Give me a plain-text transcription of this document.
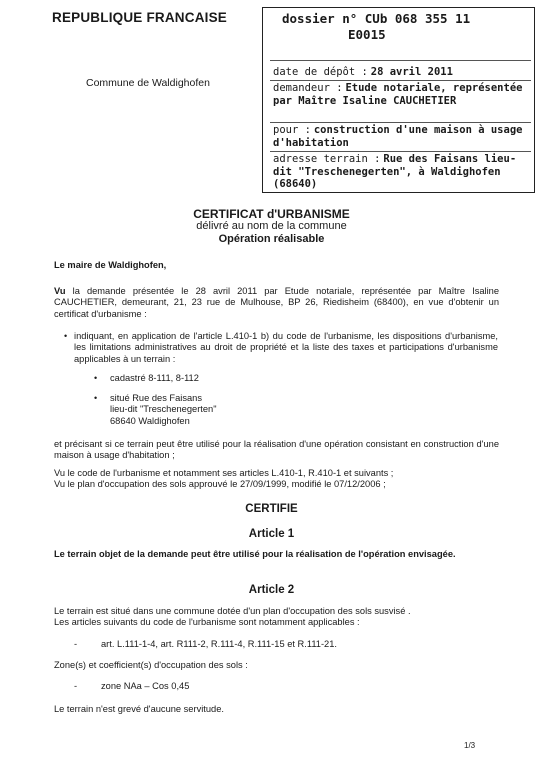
REPUBLIQUE FRANCAISE
Commune de Waldighofen
dossier n° CUb 068 355 11
E0015
date de dépôt : 28 avril 2011
demandeur : Etude notariale, représentée par Maître Isaline CAUCHETIER
pour : construction d'une maison à usage d'habitation
adresse terrain : Rue des Faisans lieu-dit "Treschenegerten", à Waldighofen (68640)
CERTIFICAT d'URBANISME
délivré au nom de la commune
Opération réalisable
Le maire de Waldighofen,
Vu la demande présentée le 28 avril 2011 par Etude notariale, représentée par Maître Isaline CAUCHETIER, demeurant, 21, 23 rue de Mulhouse, BP 26, Riedisheim (68400), en vue d'obtenir un certificat d'urbanisme :
• indiquant, en application de l'article L.410-1 b) du code de l'urbanisme, les dispositions d'urbanisme, les limitations administratives au droit de propriété et la liste des taxes et participations d'urbanisme applicables à un terrain :
• cadastré 8-111, 8-112
• situé Rue des Faisans
lieu-dit "Treschenegerten"
68640 Waldighofen
et précisant si ce terrain peut être utilisé pour la réalisation d'une opération consistant en construction d'une maison à usage d'habitation ;
Vu le code de l'urbanisme et notamment ses articles L.410-1, R.410-1 et suivants ;
Vu le plan d'occupation des sols approuvé le 27/09/1999, modifié le 07/12/2006 ;
CERTIFIE
Article 1
Le terrain objet de la demande peut être utilisé pour la réalisation de l'opération envisagée.
Article 2
Le terrain est situé dans une commune dotée d'un plan d'occupation des sols susvisé .
Les articles suivants du code de l'urbanisme sont notamment applicables :
-	art. L.111-1-4, art. R111-2, R.111-4, R.111-15 et R.111-21.
Zone(s) et coefficient(s) d'occupation des sols :
-	zone NAa – Cos 0,45
Le terrain n'est grevé d'aucune servitude.
1/3
